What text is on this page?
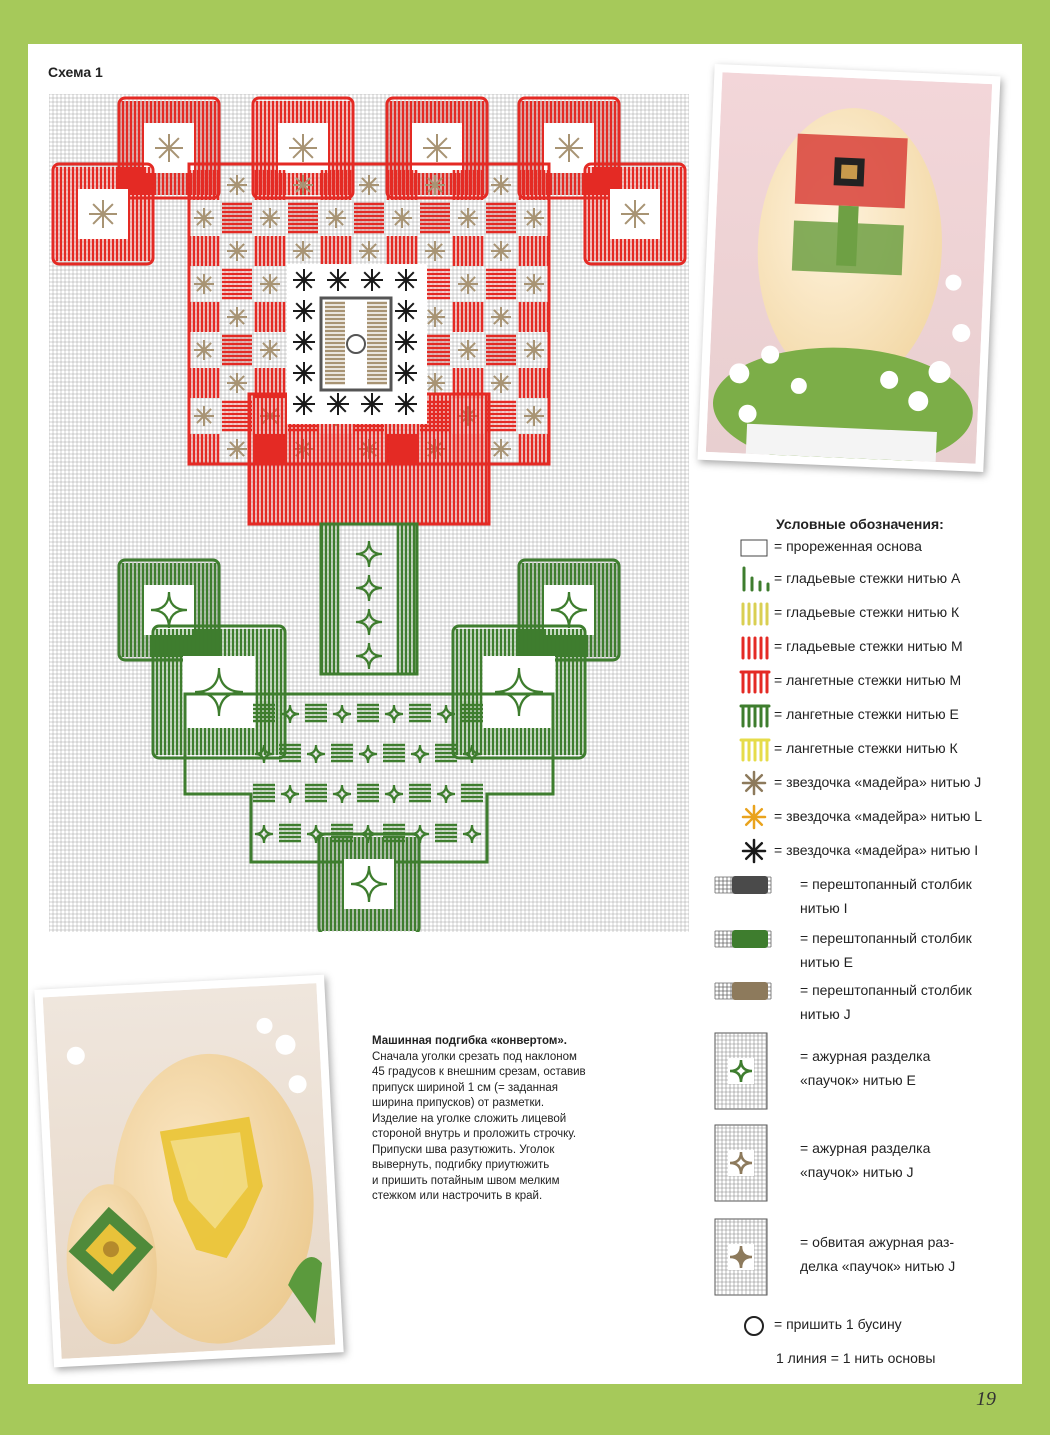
Схема 1
Условные обозначения:
= прореженная основа
= гладьевые стежки нитью А
= гладьевые стежки нитью К
= гладьевые стежки нитью М
= лангетные стежки нитью М
= лангетные стежки нитью Е
= лангетные стежки нитью К
= звездочка «мадейра» нитью J
= звездочка «мадейра» нитью L
= звездочка «мадейра» нитью I
= перештопанный столбик
нитью I
= перештопанный столбик
нитью Е
= перештопанный столбик
нитью J
= ажурная разделка
«паучок» нитью Е
= ажурная разделка
«паучок» нитью J
= обвитая ажурная раз-
делка «паучок» нитью J
= пришить 1 бусину
1 линия = 1 нить основы
Машинная подгибка «конвертом».
Сначала уголки срезать под наклоном
45 градусов к внешним срезам, оставив
припуск шириной 1 см (= заданная
ширина припусков) от разметки.
Изделие на уголке сложить лицевой
стороной внутрь и проложить строчку.
Припуски шва разутюжить. Уголок
вывернуть, подгибку приутюжить
и пришить потайным швом мелким
стежком или настрочить в край.
19
